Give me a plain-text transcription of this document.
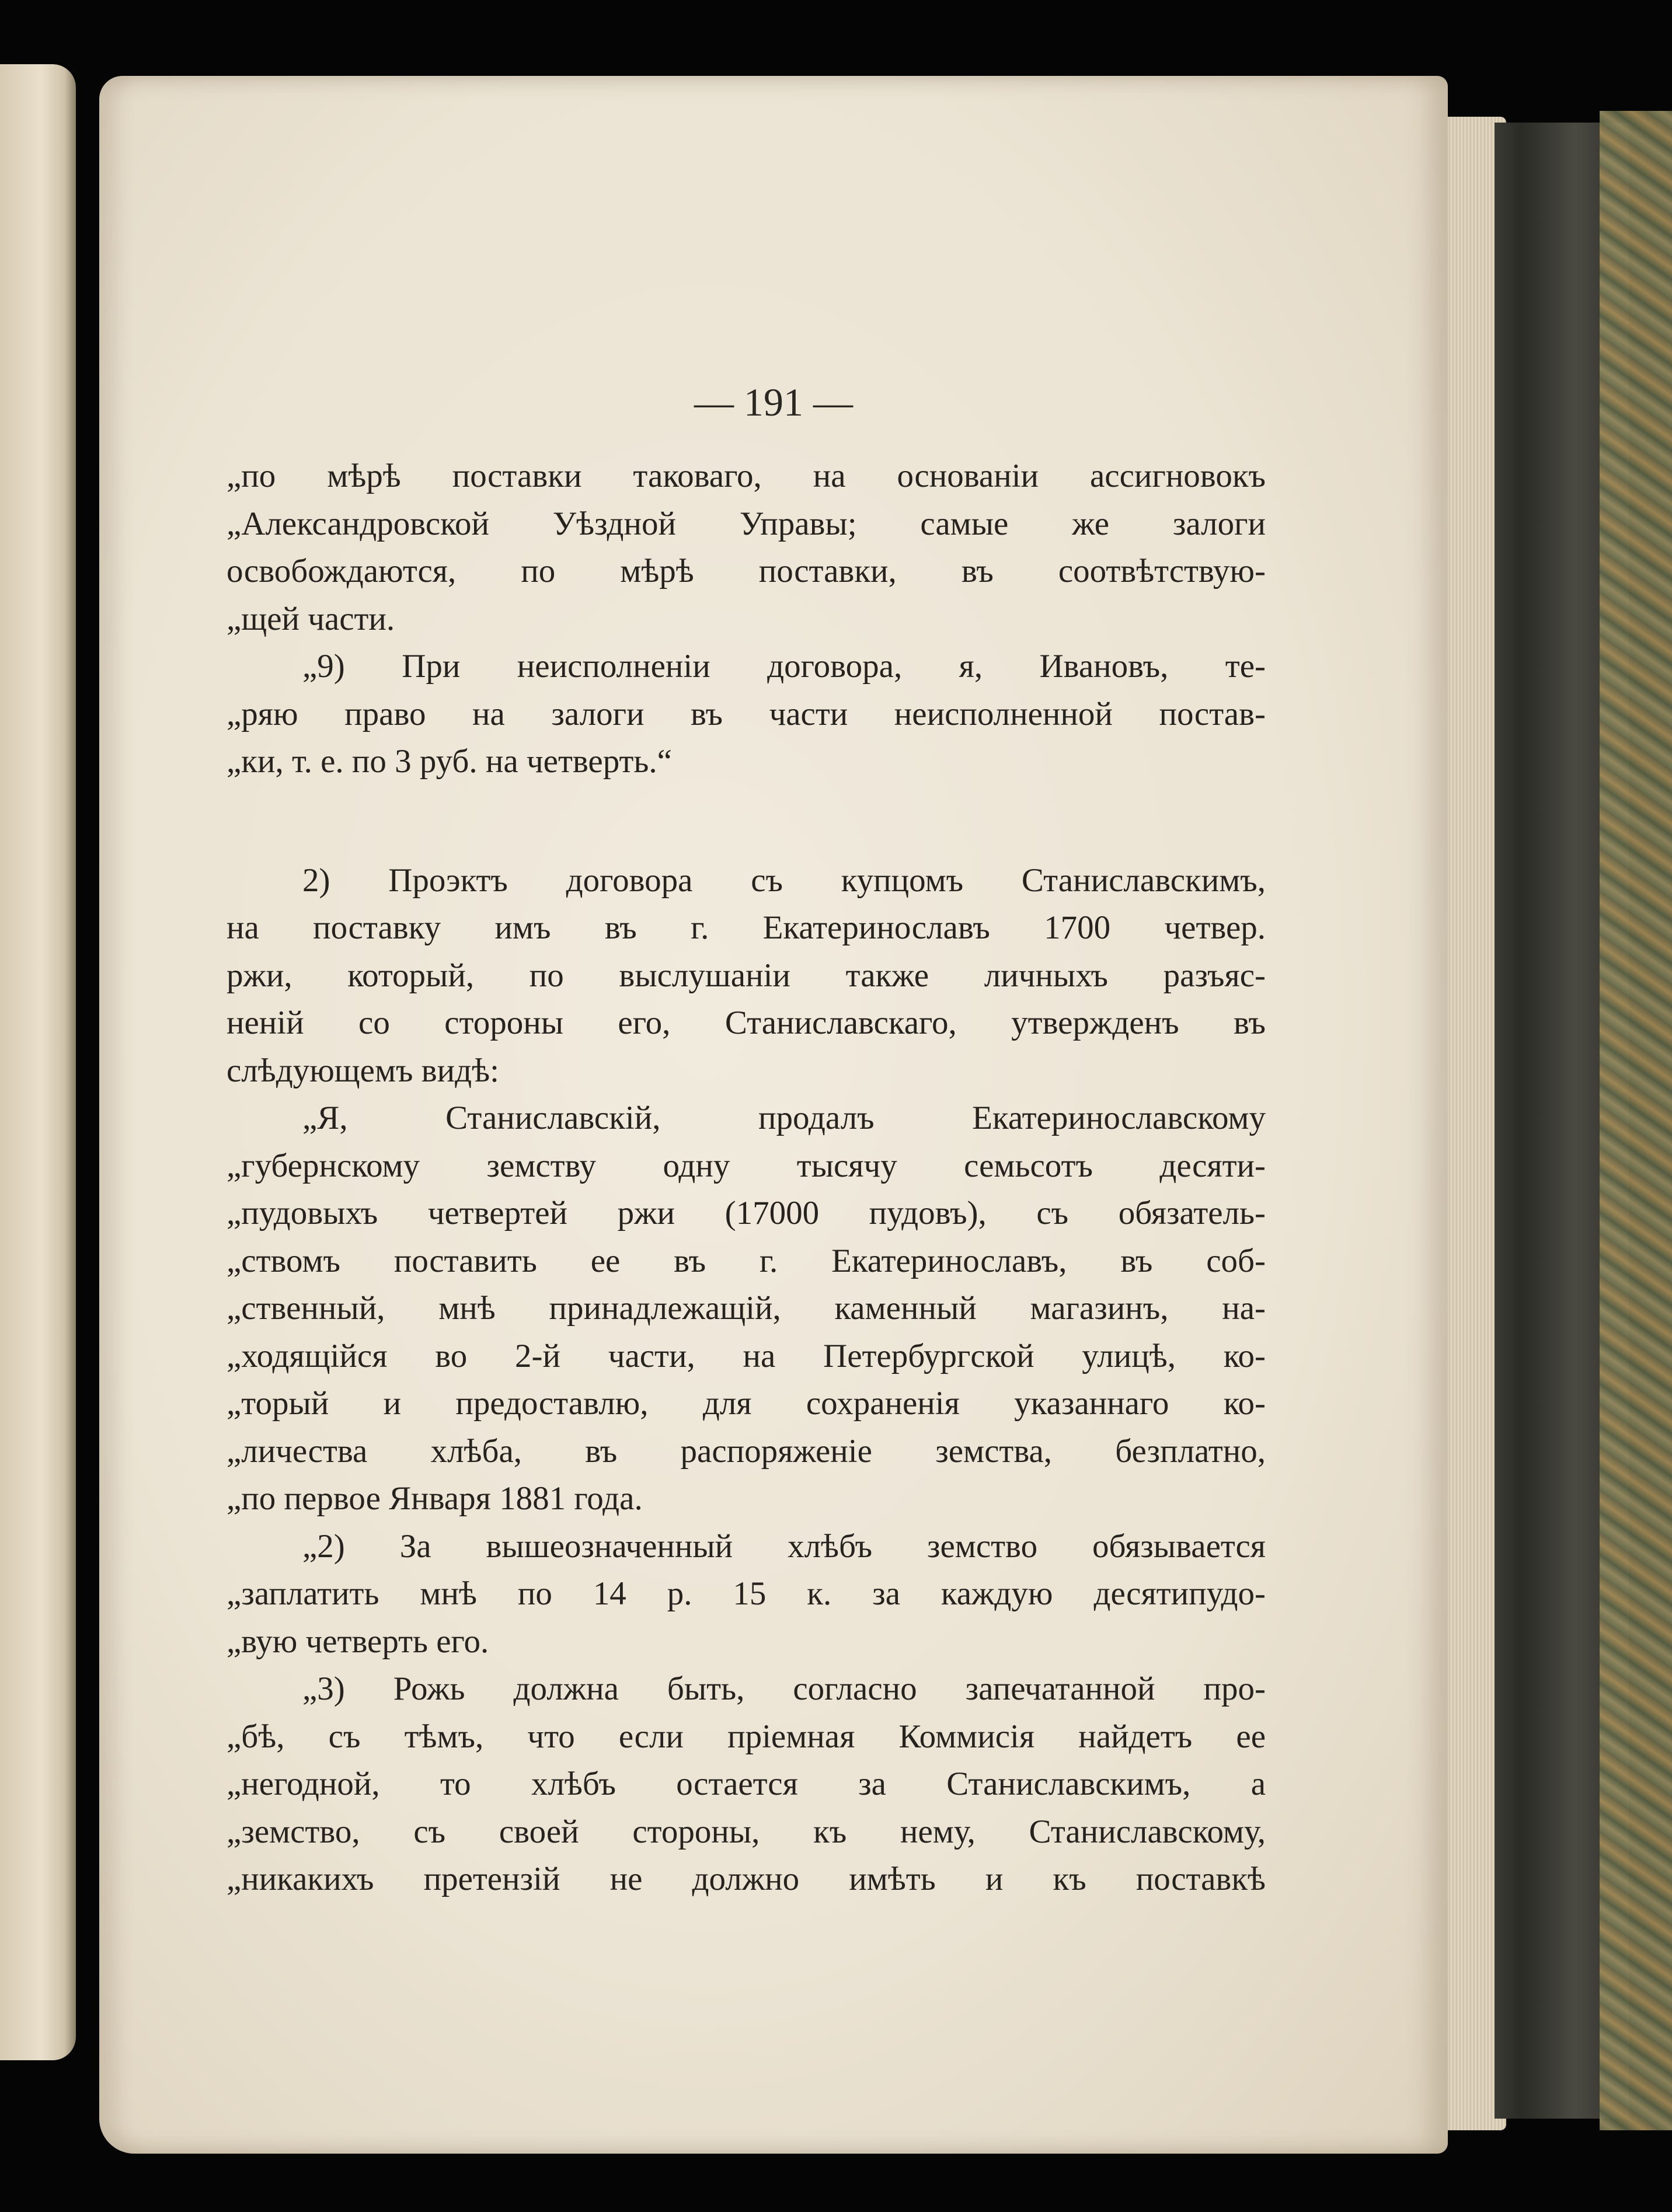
— 191 —
„по мѣрѣ поставки таковаго, на основаніи ассигновокъ
„Александровской Уѣздной Управы; самые же залоги
освобождаются, по мѣрѣ поставки, въ соотвѣтствую-
„щей части.
„9) При неисполненіи договора, я, Ивановъ, те-
„ряю право на залоги въ части неисполненной постав-
„ки, т. е. по 3 руб. на четверть.“
2) Проэктъ договора съ купцомъ Станиславскимъ,
на поставку имъ въ г. Екатеринославъ 1700 четвер.
ржи, который, по выслушаніи также личныхъ разъяс-
неній со стороны его, Станиславскаго, утвержденъ въ
слѣдующемъ видѣ:
„Я, Станиславскій, продалъ Екатеринославскому
„губернскому земству одну тысячу семьсотъ десяти-
„пудовыхъ четвертей ржи (17000 пудовъ), съ обязатель-
„ствомъ поставить ее въ г. Екатеринославъ, въ соб-
„ственный, мнѣ принадлежащій, каменный магазинъ, на-
„ходящійся во 2-й части, на Петербургской улицѣ, ко-
„торый и предоставлю, для сохраненія указаннаго ко-
„личества хлѣба, въ распоряженіе земства, безплатно,
„по первое Января 1881 года.
„2) За вышеозначенный хлѣбъ земство обязывается
„заплатить мнѣ по 14 р. 15 к. за каждую десятипудо-
„вую четверть его.
„3) Рожь должна быть, согласно запечатанной про-
„бѣ, съ тѣмъ, что если пріемная Коммисія найдетъ ее
„негодной, то хлѣбъ остается за Станиславскимъ, а
„земство, съ своей стороны, къ нему, Станиславскому,
„никакихъ претензій не должно имѣть и къ поставкѣ
